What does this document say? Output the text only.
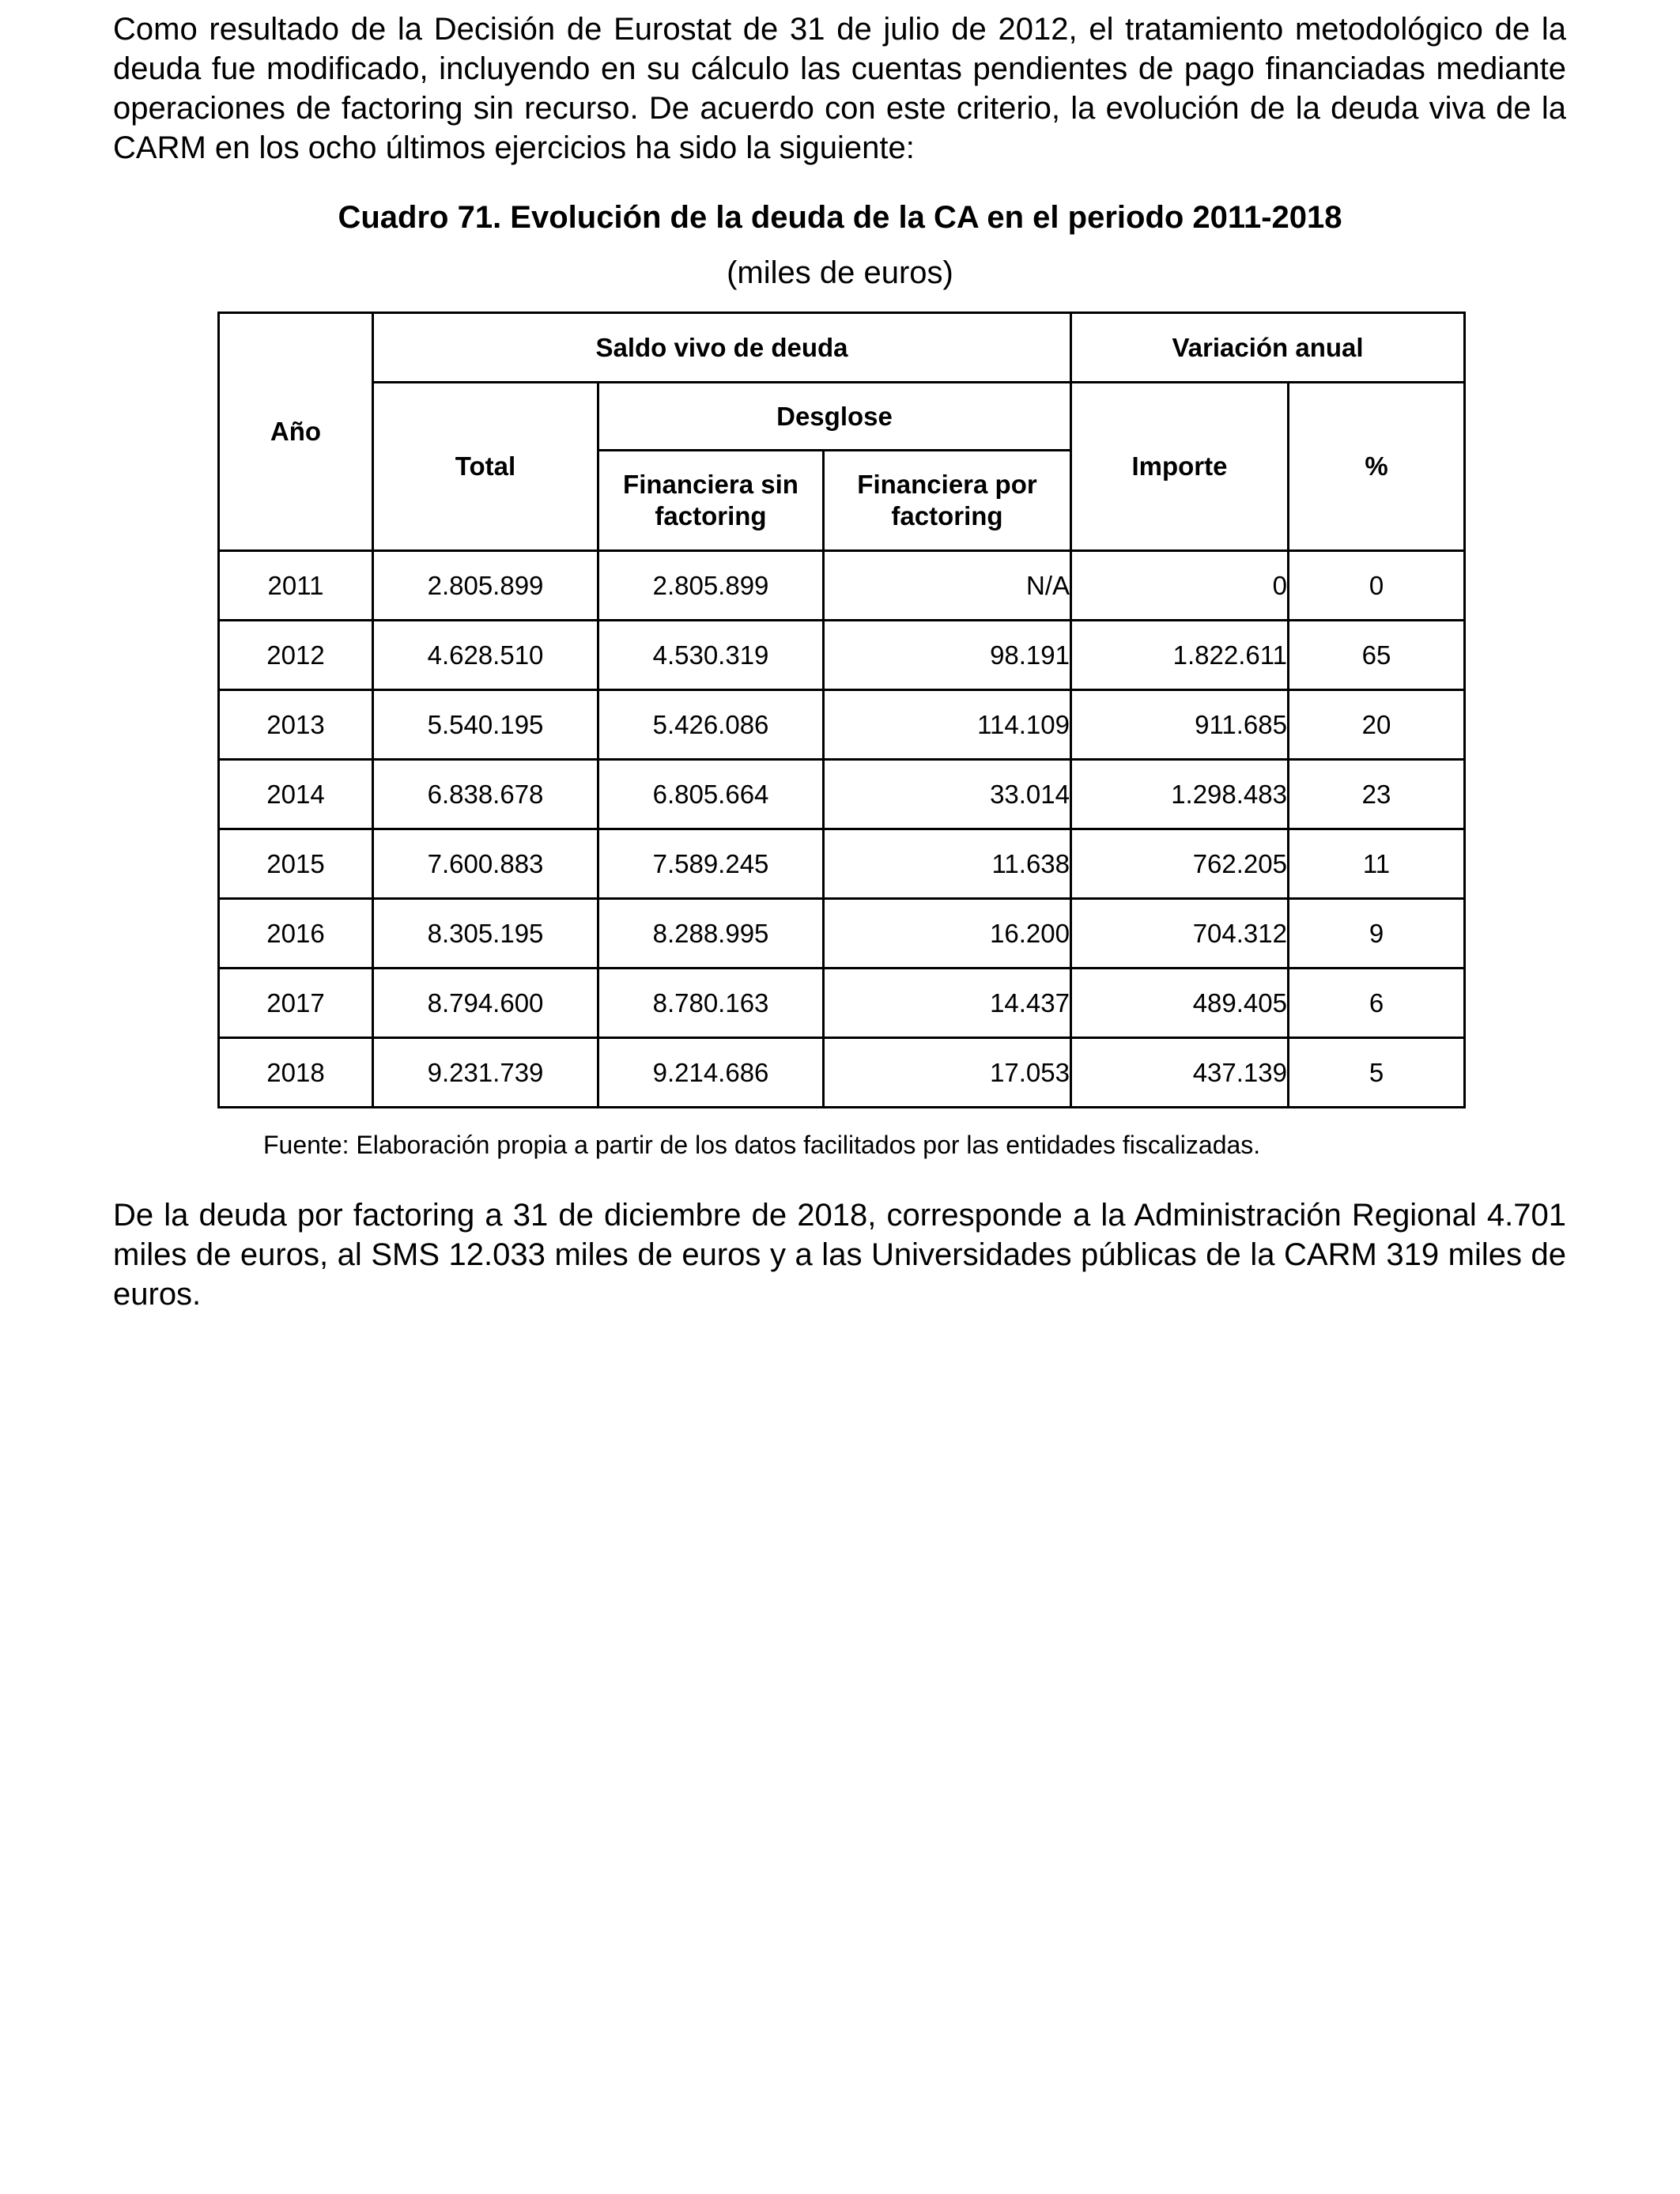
Como resultado de la Decisión de Eurostat de 31 de julio de 2012, el tratamiento metodológico de la deuda fue modificado, incluyendo en su cálculo las cuentas pendientes de pago financiadas mediante operaciones de factoring sin recurso. De acuerdo con este criterio, la evolución de la deuda viva de la CARM en los ocho últimos ejercicios ha sido la siguiente:

Cuadro 71. Evolución de la deuda de la CA en el periodo 2011-2018

(miles de euros)

Año	Saldo vivo de deuda			Variación anual	
	Total	Desglose		Importe	%
		Financiera sin factoring	Financiera por factoring		
2011	2.805.899	2.805.899	N/A	0	0
2012	4.628.510	4.530.319	98.191	1.822.611	65
2013	5.540.195	5.426.086	114.109	911.685	20
2014	6.838.678	6.805.664	33.014	1.298.483	23
2015	7.600.883	7.589.245	11.638	762.205	11
2016	8.305.195	8.288.995	16.200	704.312	9
2017	8.794.600	8.780.163	14.437	489.405	6
2018	9.231.739	9.214.686	17.053	437.139	5

Fuente: Elaboración propia a partir de los datos facilitados por las entidades fiscalizadas.

De la deuda por factoring a 31 de diciembre de 2018, corresponde a la Administración Regional 4.701 miles de euros, al SMS 12.033 miles de euros y a las Universidades públicas de la CARM 319 miles de euros.
